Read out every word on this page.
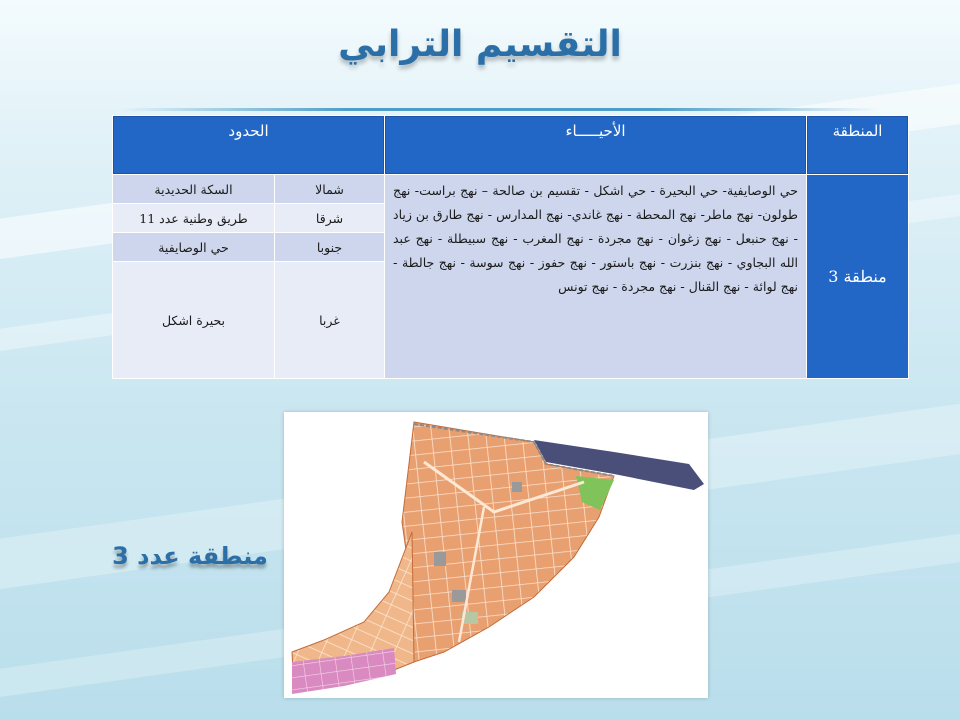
التقسيم الترابي
المنطقة	الأحيـــــاء	الحدود	
منطقة 3	حي الوصايفية- حي البحيرة - حي اشكل - تقسيم بن صالحة – نهج براست- نهج طولون- نهج ماطر- نهج المحطة - نهج غاندي- نهج المدارس - نهج طارق بن زياد - نهج حنبعل - نهج زغوان - نهج مجردة - نهج المغرب - نهج سبيطلة - نهج عبد الله البجاوي - نهج بنزرت - نهج باستور - نهج حفوز - نهج سوسة - نهج جالطة - نهج لوائة - نهج القنال - نهج مجردة - نهج تونس	شمالا	السكة الحديدية
		شرقا	طريق وطنية عدد 11
		جنوبا	حي الوصايفية
		غربا	بحيرة اشكل
منطقة عدد 3
